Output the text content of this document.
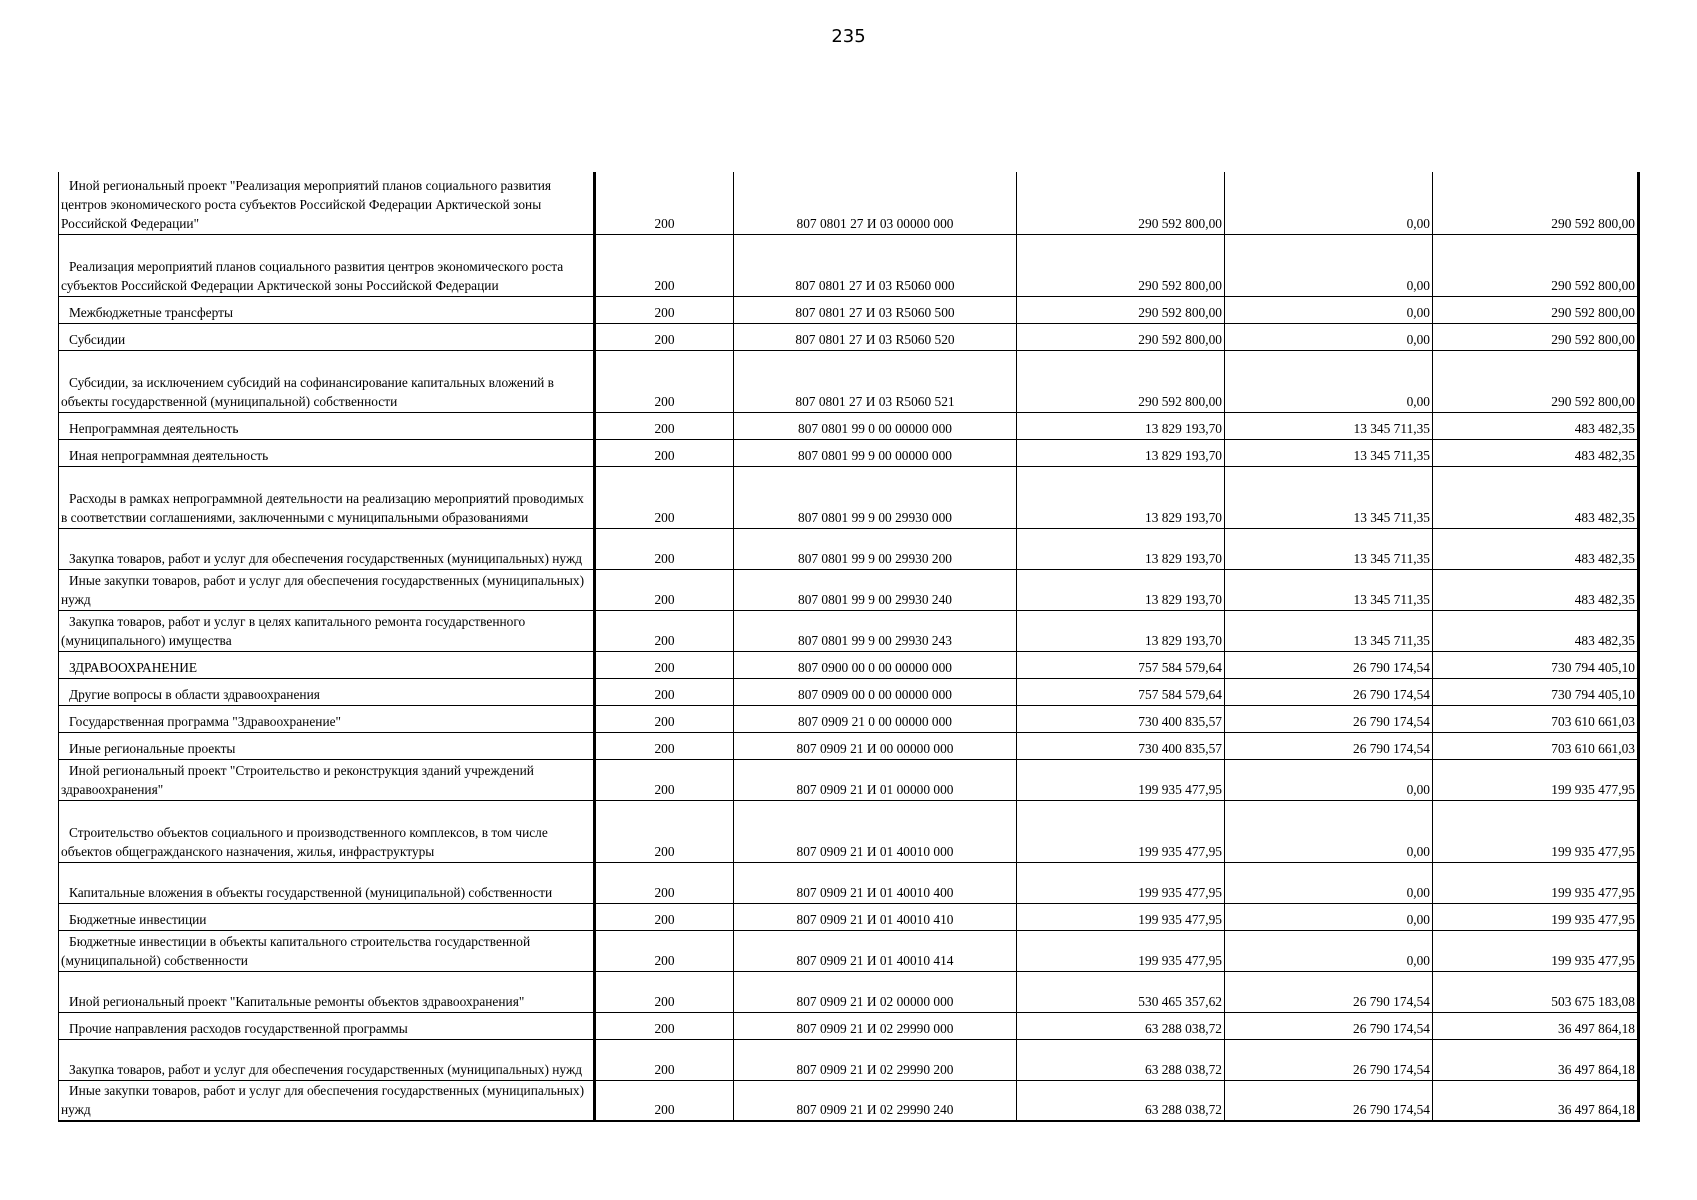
235
Иной региональный проект "Реализация мероприятий планов социального развития центров экономического роста субъектов Российской Федерации Арктической зоны Российской Федерации"	200	807 0801 27 И 03 00000 000	290 592 800,00	0,00	290 592 800,00

Реализация мероприятий планов социального развития центров экономического роста субъектов Российской Федерации Арктической зоны Российской Федерации	200	807 0801 27 И 03 R5060 000	290 592 800,00	0,00	290 592 800,00

Межбюджетные трансферты	200	807 0801 27 И 03 R5060 500	290 592 800,00	0,00	290 592 800,00

Субсидии	200	807 0801 27 И 03 R5060 520	290 592 800,00	0,00	290 592 800,00

Субсидии, за исключением субсидий на софинансирование капитальных вложений в объекты государственной (муниципальной) собственности	200	807 0801 27 И 03 R5060 521	290 592 800,00	0,00	290 592 800,00

Непрограммная деятельность	200	807 0801 99 0 00 00000 000	13 829 193,70	13 345 711,35	483 482,35

Иная непрограммная деятельность	200	807 0801 99 9 00 00000 000	13 829 193,70	13 345 711,35	483 482,35

Расходы в рамках непрограммной деятельности на реализацию мероприятий проводимых в соответствии соглашениями, заключенными с муниципальными образованиями	200	807 0801 99 9 00 29930 000	13 829 193,70	13 345 711,35	483 482,35

Закупка товаров, работ и услуг для обеспечения государственных (муниципальных) нужд	200	807 0801 99 9 00 29930 200	13 829 193,70	13 345 711,35	483 482,35

Иные закупки товаров, работ и услуг для обеспечения государственных (муниципальных) нужд	200	807 0801 99 9 00 29930 240	13 829 193,70	13 345 711,35	483 482,35

Закупка товаров, работ и услуг в целях капитального ремонта государственного (муниципального) имущества	200	807 0801 99 9 00 29930 243	13 829 193,70	13 345 711,35	483 482,35

ЗДРАВООХРАНЕНИЕ	200	807 0900 00 0 00 00000 000	757 584 579,64	26 790 174,54	730 794 405,10

Другие вопросы в области здравоохранения	200	807 0909 00 0 00 00000 000	757 584 579,64	26 790 174,54	730 794 405,10

Государственная программа "Здравоохранение"	200	807 0909 21 0 00 00000 000	730 400 835,57	26 790 174,54	703 610 661,03

Иные региональные проекты	200	807 0909 21 И 00 00000 000	730 400 835,57	26 790 174,54	703 610 661,03

Иной региональный проект "Строительство и реконструкция зданий учреждений здравоохранения"	200	807 0909 21 И 01 00000 000	199 935 477,95	0,00	199 935 477,95

Строительство объектов социального и производственного комплексов, в том числе объектов общегражданского назначения, жилья, инфраструктуры	200	807 0909 21 И 01 40010 000	199 935 477,95	0,00	199 935 477,95

Капитальные вложения в объекты государственной (муниципальной) собственности	200	807 0909 21 И 01 40010 400	199 935 477,95	0,00	199 935 477,95

Бюджетные инвестиции	200	807 0909 21 И 01 40010 410	199 935 477,95	0,00	199 935 477,95

Бюджетные инвестиции в объекты капитального строительства государственной (муниципальной) собственности	200	807 0909 21 И 01 40010 414	199 935 477,95	0,00	199 935 477,95

Иной региональный проект "Капитальные ремонты объектов здравоохранения"	200	807 0909 21 И 02 00000 000	530 465 357,62	26 790 174,54	503 675 183,08

Прочие направления расходов государственной программы	200	807 0909 21 И 02 29990 000	63 288 038,72	26 790 174,54	36 497 864,18

Закупка товаров, работ и услуг для обеспечения государственных (муниципальных) нужд	200	807 0909 21 И 02 29990 200	63 288 038,72	26 790 174,54	36 497 864,18

Иные закупки товаров, работ и услуг для обеспечения государственных (муниципальных) нужд	200	807 0909 21 И 02 29990 240	63 288 038,72	26 790 174,54	36 497 864,18
